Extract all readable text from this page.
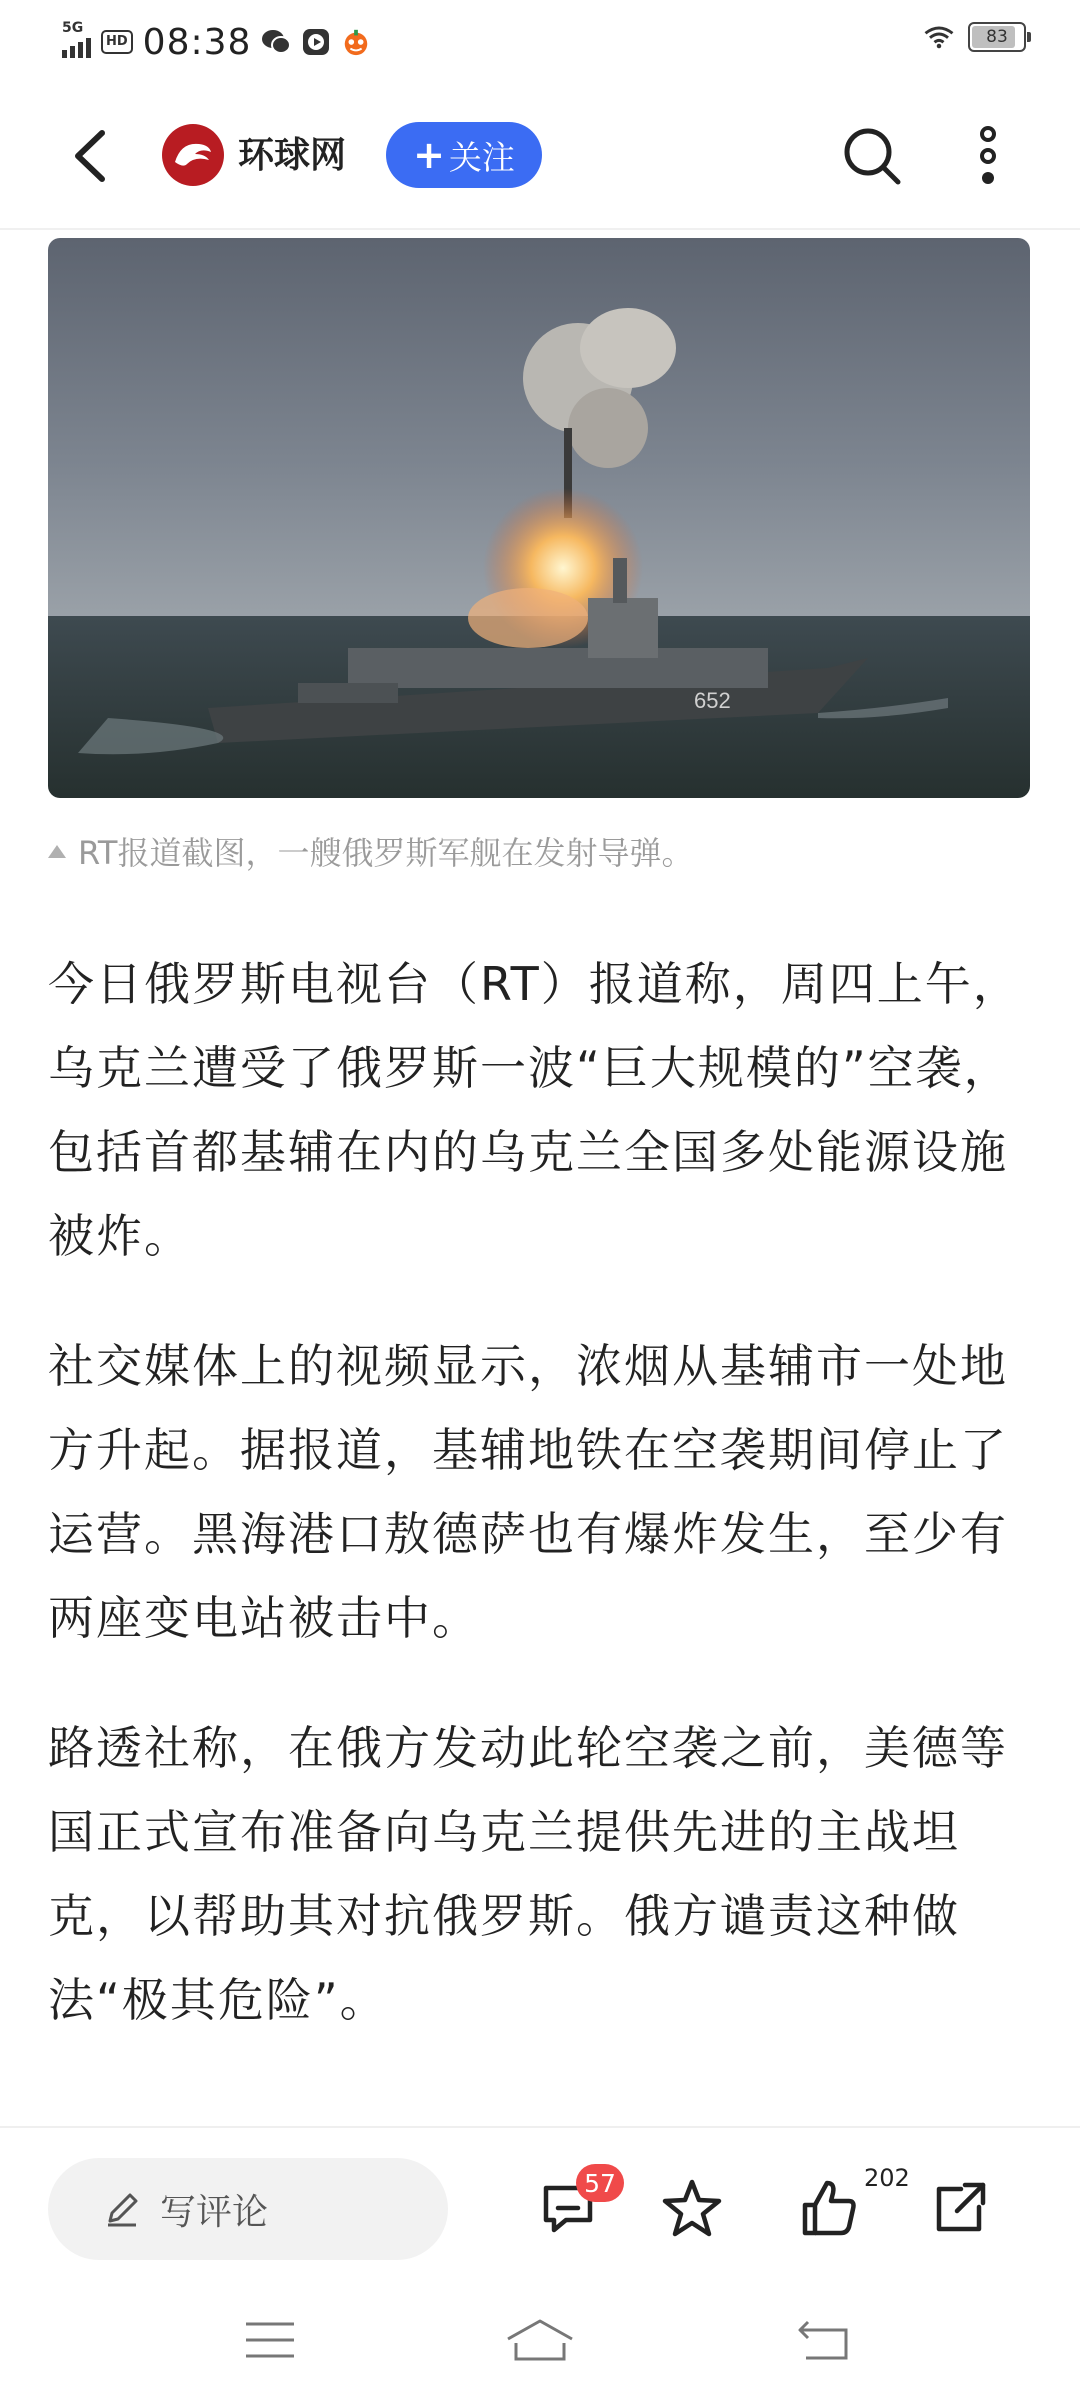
5G
HD 08:38	83
环球网 + 关注
652
RT报道截图，一艘俄罗斯军舰在发射导弹。

今日俄罗斯电视台（RT）报道称，周四上午，乌克兰遭受了俄罗斯一波“巨大规模的”空袭，包括首都基辅在内的乌克兰全国多处能源设施被炸。

社交媒体上的视频显示，浓烟从基辅市一处地方升起。据报道，基辅地铁在空袭期间停止了运营。黑海港口敖德萨也有爆炸发生，至少有两座变电站被击中。

路透社称，在俄方发动此轮空袭之前，美德等国正式宣布准备向乌克兰提供先进的主战坦克，以帮助其对抗俄罗斯。俄方谴责这种做法“极其危险”。

写评论
57	202
